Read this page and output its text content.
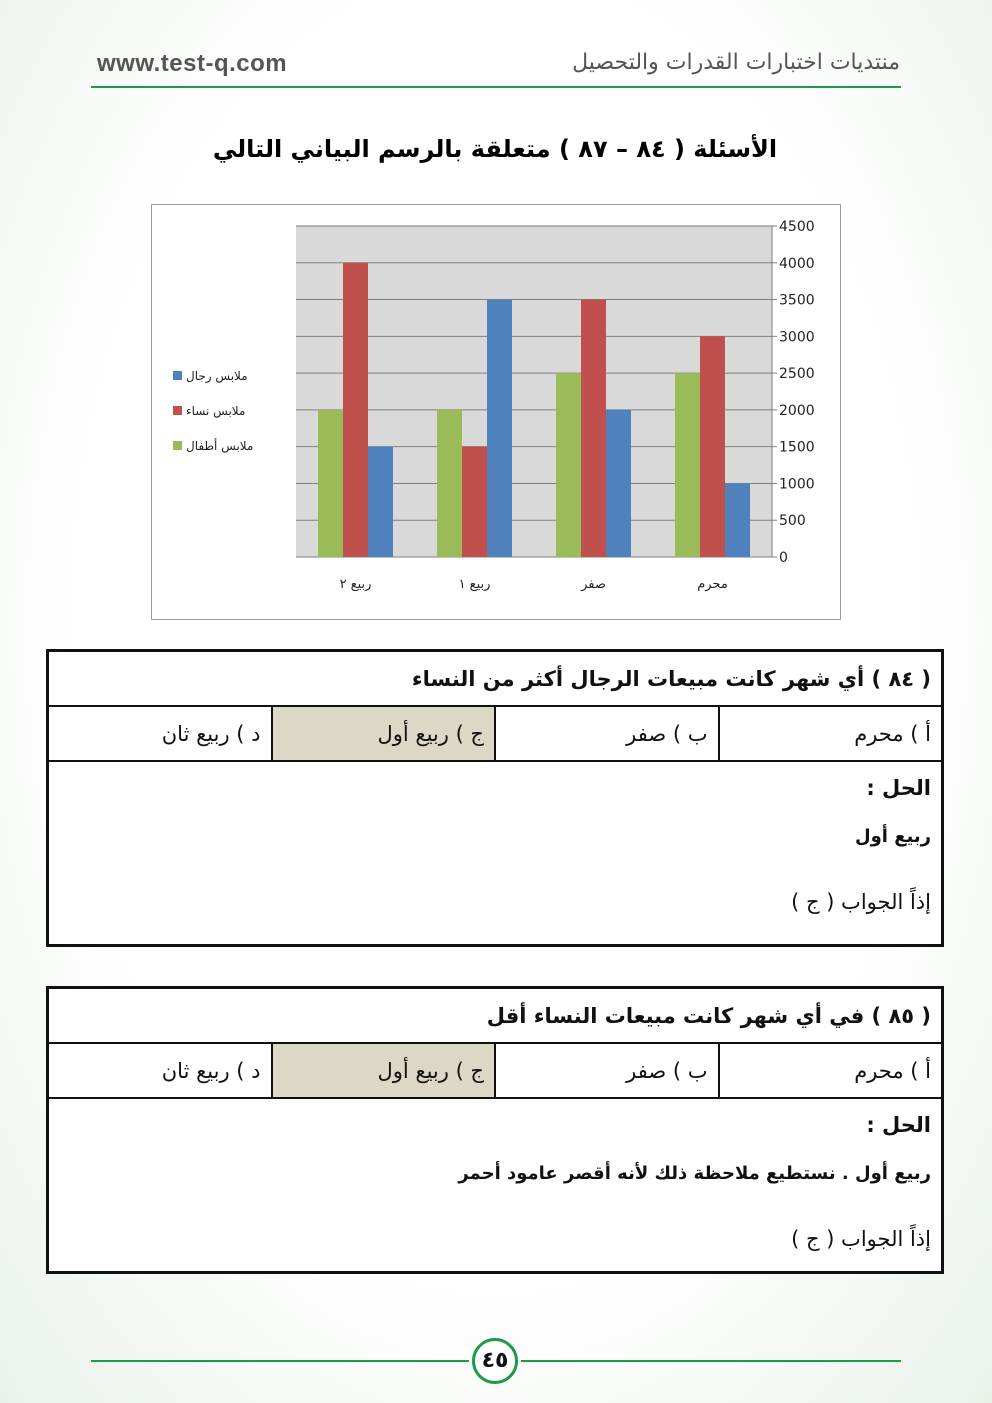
www.test-q.com	منتديات اختبارات القدرات والتحصيل
الأسئلة ( ٨٤ – ٨٧ ) متعلقة بالرسم البياني التالي
0
500
1000
1500
2000
2500
3000
3500
4000
4500
ربيع ٢	ربيع ١	صفر	محرم
ملابس رجال
ملابس نساء
ملابس أطفال
( ٨٤ ) أي شهر كانت مبيعات الرجال أكثر من النساء
أ ) محرم
ب ) صفر
ج ) ربيع أول
د ) ربيع ثان
الحل :
ربيع أول
إذاً الجواب ( ج )
( ٨٥ ) في أي شهر كانت مبيعات النساء أقل
أ ) محرم
ب ) صفر
ج ) ربيع أول
د ) ربيع ثان
الحل :
ربيع أول . نستطيع ملاحظة ذلك لأنه أقصر عامود أحمر
إذاً الجواب ( ج )
٤٥
